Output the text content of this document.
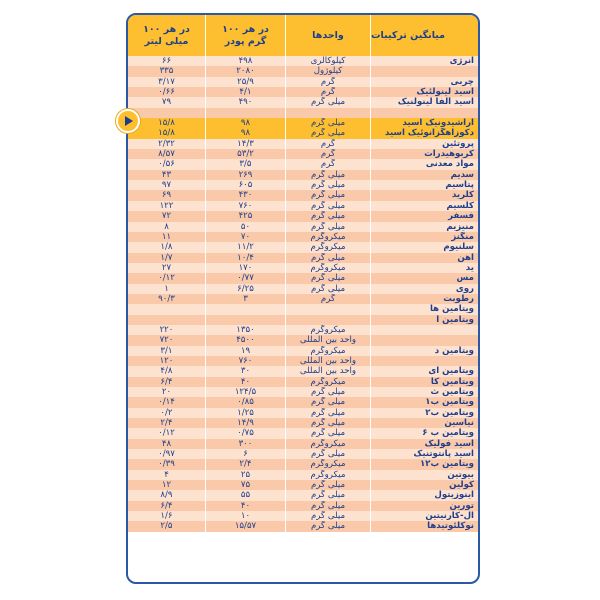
میانگین ترکیبات
واحدها
در هر ۱۰۰
گرم پودر
در هر ۱۰۰
میلی لیتر
انرژی
کیلوکالری
۴۹۸
۶۶
کیلوژول
۲۰۸۰
۳۳۵
چربی
گرم
۲۵/۹
۳/۱۷
اسید لینولئیک
گرم
۴/۱
۰/۶۶
اسید آلفا لینولنیک
میلی گرم
۴۹۰
۷۹
آراشیدونیک اسید
میلی گرم
۹۸
۱۵/۸
دکوزاهگزانوئیک اسید
میلی گرم
۹۸
۱۵/۸
پروتئین
گرم
۱۴/۳
۲/۳۲
کربوهیدرات
گرم
۵۳/۲
۸/۵۷
مواد معدنی
گرم
۳/۵
۰/۵۶
سدیم
میلی گرم
۲۶۹
۴۳
پتاسیم
میلی گرم
۶۰۵
۹۷
کلرید
میلی گرم
۴۳۰
۶۹
کلسیم
میلی گرم
۷۶۰
۱۲۲
فسفر
میلی گرم
۴۲۵
۷۲
منیزیم
میلی گرم
۵۰
۸
منگنز
میکروگرم
۷۰
۱۱
سلنیوم
میکروگرم
۱۱/۲
۱/۸
آهن
میلی گرم
۱۰/۴
۱/۷
ید
میکروگرم
۱۷۰
۲۷
مس
میلی گرم
۰/۷۷
۰/۱۲
روی
میلی گرم
۶/۲۵
۱
رطوبت
گرم
۳
۹۰/۳
ویتامین ها
ویتامین آ
میکروگرم
۱۳۵۰
۲۲۰
واحد بین المللی
۴۵۰۰
۷۲۰
ویتامین د
میکروگرم
۱۹
۳/۱
واحد بین المللی
۷۶۰
۱۲۰
ویتامین ای
واحد بین المللی
۳۰
۴/۸
ویتامین کا
میکروگرم
۴۰
۶/۴
ویتامین ث
میلی گرم
۱۲۴/۵
۲۰
ویتامین ب۱
میلی گرم
۰/۸۵
۰/۱۴
ویتامین ب۲
میلی گرم
۱/۲۵
۰/۲
نیاسین
میلی گرم
۱۴/۹
۲/۴
ویتامین ب ۶
میلی گرم
۰/۷۵
۰/۱۲
اسید فولیک
میکروگرم
۳۰۰
۴۸
اسید پانتوتنیک
میلی گرم
۶
۰/۹۷
ویتامین ب۱۲
میکروگرم
۲/۴
۰/۳۹
بیوتین
میکروگرم
۲۵
۴
کولین
میلی گرم
۷۵
۱۲
اینوزیتول
میلی گرم
۵۵
۸/۹
تورین
میلی گرم
۴۰
۶/۴
ال-کارنیتین
میلی گرم
۱۰
۱/۶
نوکلئوتیدها
میلی گرم
۱۵/۵۷
۲/۵
